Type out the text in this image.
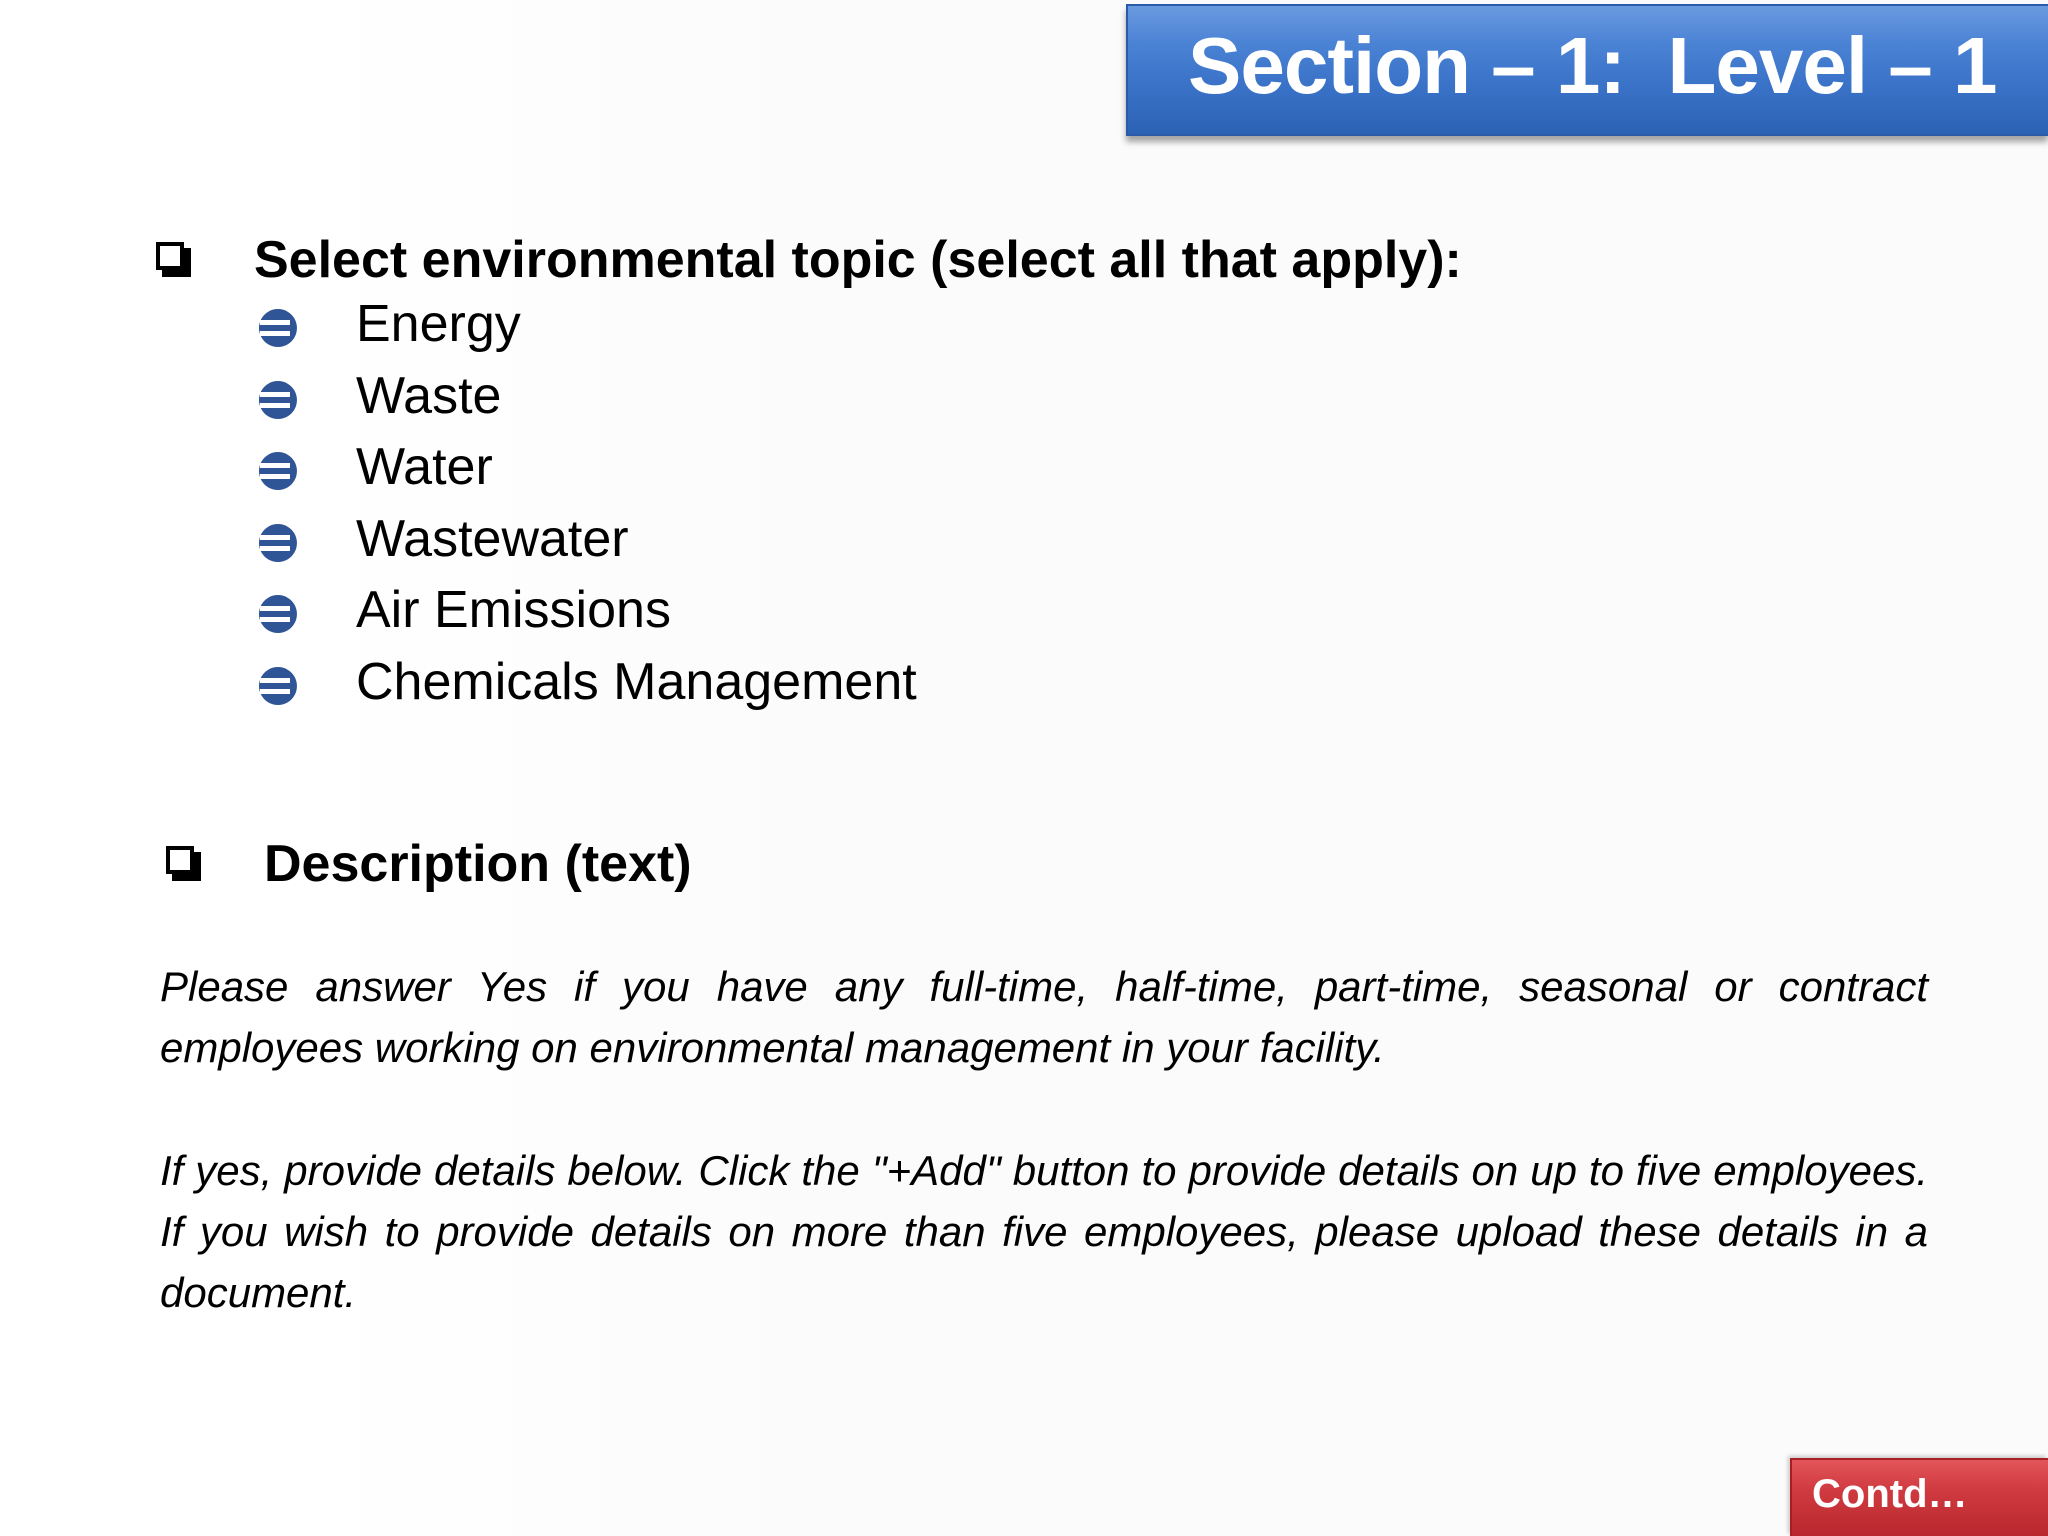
Section – 1:  Level – 1
Select environmental topic (select all that apply):
Energy
Waste
Water
Wastewater
Air Emissions
Chemicals Management
Description (text)
Please answer Yes if you have any full-time, half-time, part-time, seasonal or contract employees working on environmental management in your facility.
If yes, provide details below. Click the "+Add" button to provide details on up to five employees. If you wish to provide details on more than five employees, please upload these details in a document.
Contd…
